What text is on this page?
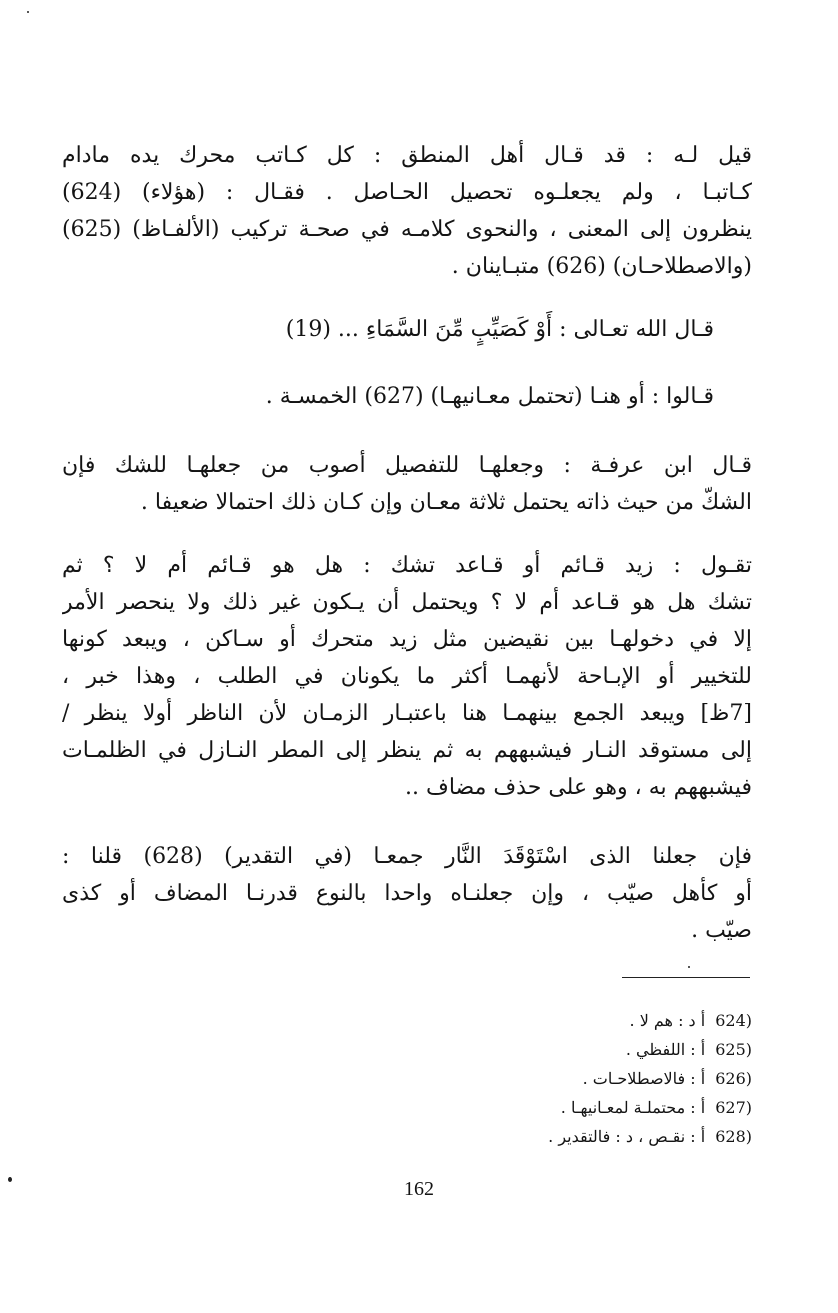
قيل لـه : قد قـال أهل المنطق : كل كـاتب محرك يده مادام
كـاتبـا ، ولم يجعلـوه تحصيل الحـاصل . فقـال : (هؤلاء) (624)
ينظرون إلى المعنى ، والنحوى كلامـه في صحـة تركيب (الألفـاظ) (625)
(والاصطلاحـان) (626) متبـاينان .
قـال الله تعـالى : أَوْ كَصَيِّبٍ مِّنَ السَّمَاءِ ... (19)
قـالوا : أو هنـا (تحتمل معـانيهـا) (627) الخمسـة .
قـال ابن عرفـة : وجعلهـا للتفصيل أصوب من جعلهـا للشك فإن
الشكّ من حيث ذاته يحتمل ثلاثة معـان وإن كـان ذلك احتمالا ضعيفا .
تقـول : زيد قـائم أو قـاعد تشك : هل هو قـائم أم لا ؟ ثم
تشك هل هو قـاعد أم لا ؟ ويحتمل أن يـكون غير ذلك ولا ينحصر الأمر
إلا في دخولهـا بين نقيضين مثل زيد متحرك أو سـاكن ، ويبعد كونها
للتخيير أو الإبـاحة لأنهمـا أكثر ما يكونان في الطلب ، وهذا خبر ،
[7ظ] ويبعد الجمع بينهمـا هنا باعتبـار الزمـان لأن الناظر أولا ينظر /
إلى مستوقد النـار فيشبههم به ثم ينظر إلى المطر النـازل في الظلمـات
فيشبههم به ، وهو على حذف مضاف ..
فإن جعلنا الذى اسْتَوْقَدَ النَّار جمعـا (في التقدير) (628) قلنا :
أو كأهل صيّب ، وإن جعلنـاه واحدا بالنوع قدرنـا المضاف أو كذى
صيّب .
(624أ د : هم لا .
(625أ : اللفظي .
(626أ : فالاصطلاحـات .
(627أ : محتملـة لمعـانيهـا .
(628أ : نقـص ، د : فالتقدير .
162
